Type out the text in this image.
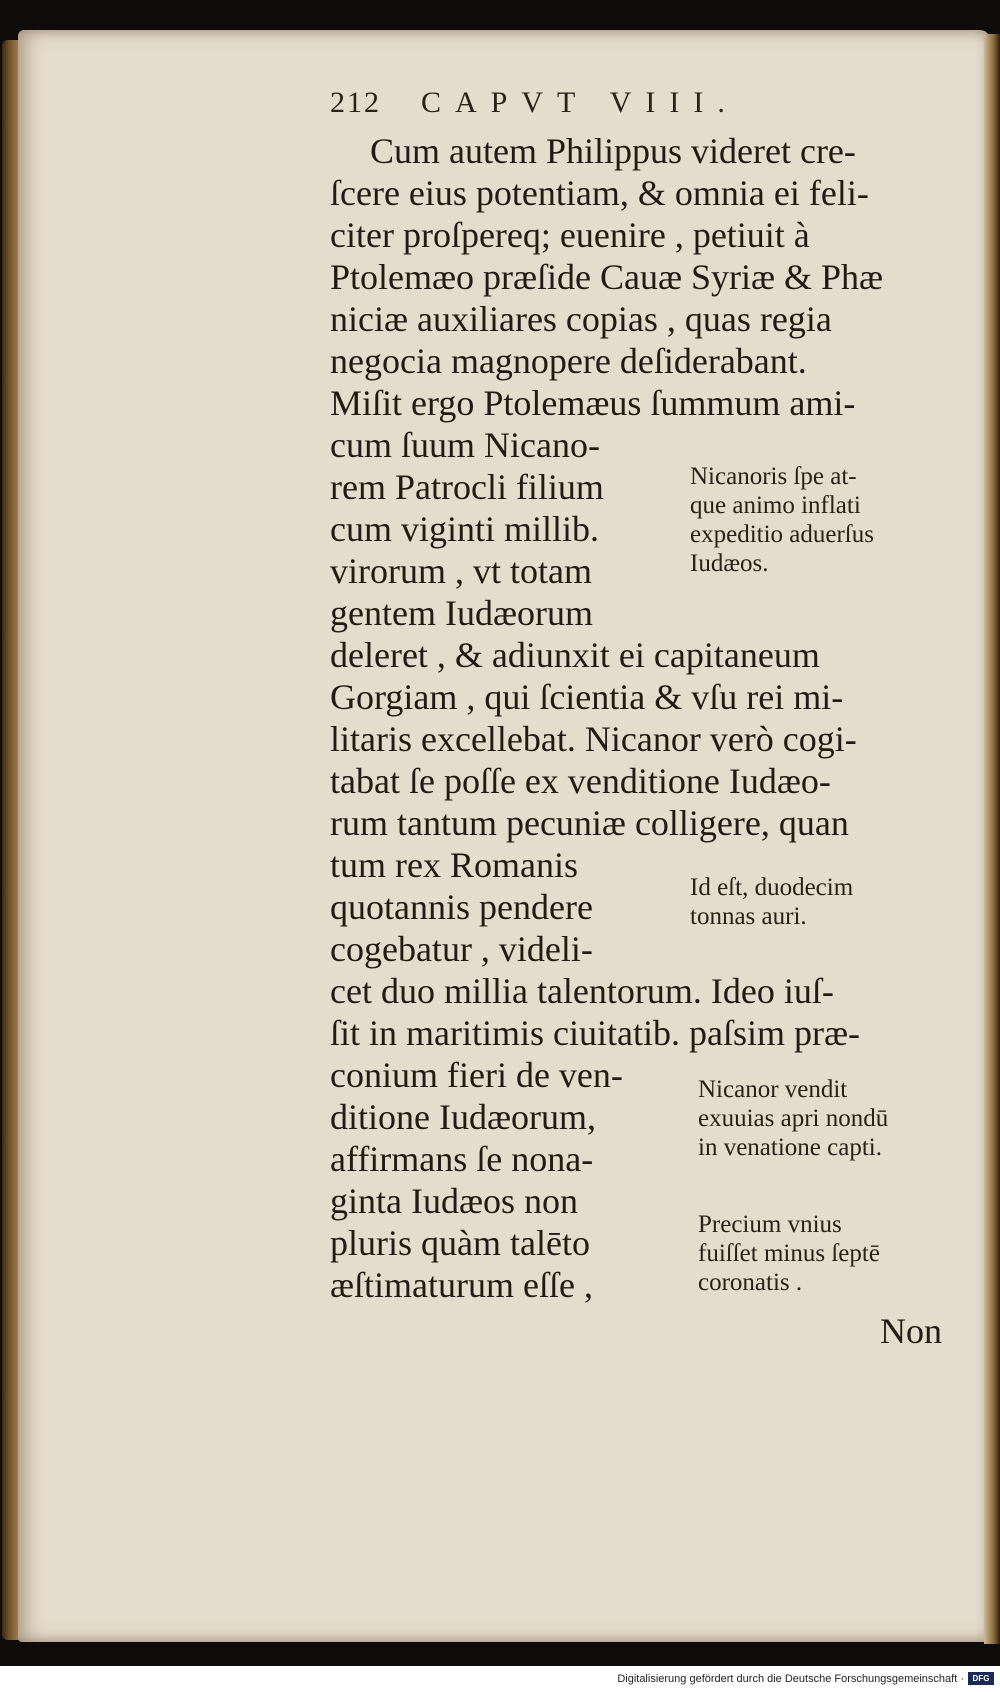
212 CAPVT VIII.
Cum autem Philippus videret cre-
ſcere eius potentiam, & omnia ei feli-
citer proſpereq; euenire , petiuit à
Ptolemæo præſide Cauæ Syriæ & Phæ
niciæ auxiliares copias , quas regia
negocia magnopere deſiderabant.
Miſit ergo Ptolemæus ſummum ami-
cum ſuum Nicano-
rem Patrocli filium
cum viginti millib.
virorum , vt totam
gentem Iudæorum
deleret , & adiunxit ei capitaneum
Gorgiam , qui ſcientia & vſu rei mi-
litaris excellebat. Nicanor verò cogi-
tabat ſe poſſe ex venditione Iudæo-
rum tantum pecuniæ colligere, quan
tum rex Romanis
quotannis pendere
cogebatur , videli-
cet duo millia talentorum. Ideo iuſ-
ſit in maritimis ciuitatib. paſsim præ-
conium fieri de ven-
ditione Iudæorum,
affirmans ſe nona-
ginta Iudæos non
pluris quàm talēto
æſtimaturum eſſe ,
Nicanoris ſpe at-
que animo inflati
expeditio aduerſus
Iudæos.
Id eſt, duodecim
tonnas auri.
Nicanor vendit
exuuias apri nondū
in venatione capti.
Precium vnius
fuiſſet minus ſeptē
coronatis .
Non
Digitalisierung gefördert durch die Deutsche Forschungsgemeinschaft ·	DFG
